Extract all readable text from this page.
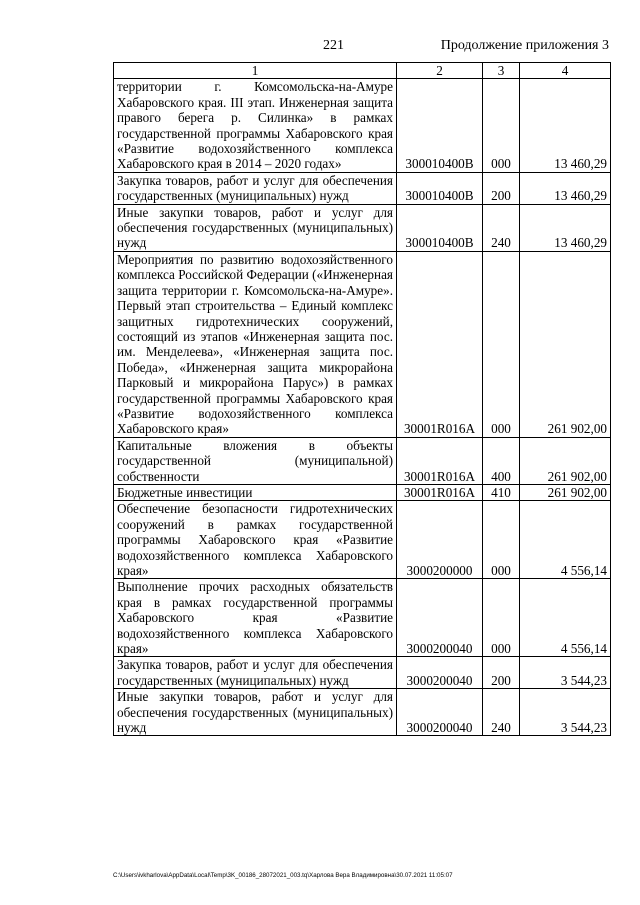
221	Продолжение приложения 3
1	2	3	4
территории г. Комсомольска-на-Амуре Хабаровского края. III этап. Инженерная защита правого берега р. Силинка» в рамках государственной программы Хабаровского края «Развитие водохозяйственного комплекса Хабаровского края в 2014 – 2020 годах»	300010400В	000	13 460,29
Закупка товаров, работ и услуг для обеспечения государственных (муниципальных) нужд	300010400В	200	13 460,29
Иные закупки товаров, работ и услуг для обеспечения государственных (муниципальных) нужд	300010400В	240	13 460,29
Мероприятия по развитию водохозяйственного комплекса Российской Федерации («Инженерная защита территории г. Комсомольска-на-Амуре». Первый этап строительства – Единый комплекс защитных гидротехнических сооружений, состоящий из этапов «Инженерная защита пос. им. Менделеева», «Инженерная защита пос. Победа», «Инженерная защита микрорайона Парковый и микрорайона Парус») в рамках государственной программы Хабаровского края «Развитие водохозяйственного комплекса Хабаровского края»	30001R016А	000	261 902,00
Капитальные вложения в объекты государственной (муниципальной) собственности	30001R016А	400	261 902,00
Бюджетные инвестиции	30001R016А	410	261 902,00
Обеспечение безопасности гидротехнических сооружений в рамках государственной программы Хабаровского края «Развитие водохозяйственного комплекса Хабаровского края»	3000200000	000	4 556,14
Выполнение прочих расходных обязательств края в рамках государственной программы Хабаровского края «Развитие водохозяйственного комплекса Хабаровского края»	3000200040	000	4 556,14
Закупка товаров, работ и услуг для обеспечения государственных (муниципальных) нужд	3000200040	200	3 544,23
Иные закупки товаров, работ и услуг для обеспечения государственных (муниципальных) нужд	3000200040	240	3 544,23
C:\Users\ivkharlova\AppData\Local\Temp\3K_00186_28072021_003.tq\Харлова Вера Владимировна\30.07.2021 11:05:07
